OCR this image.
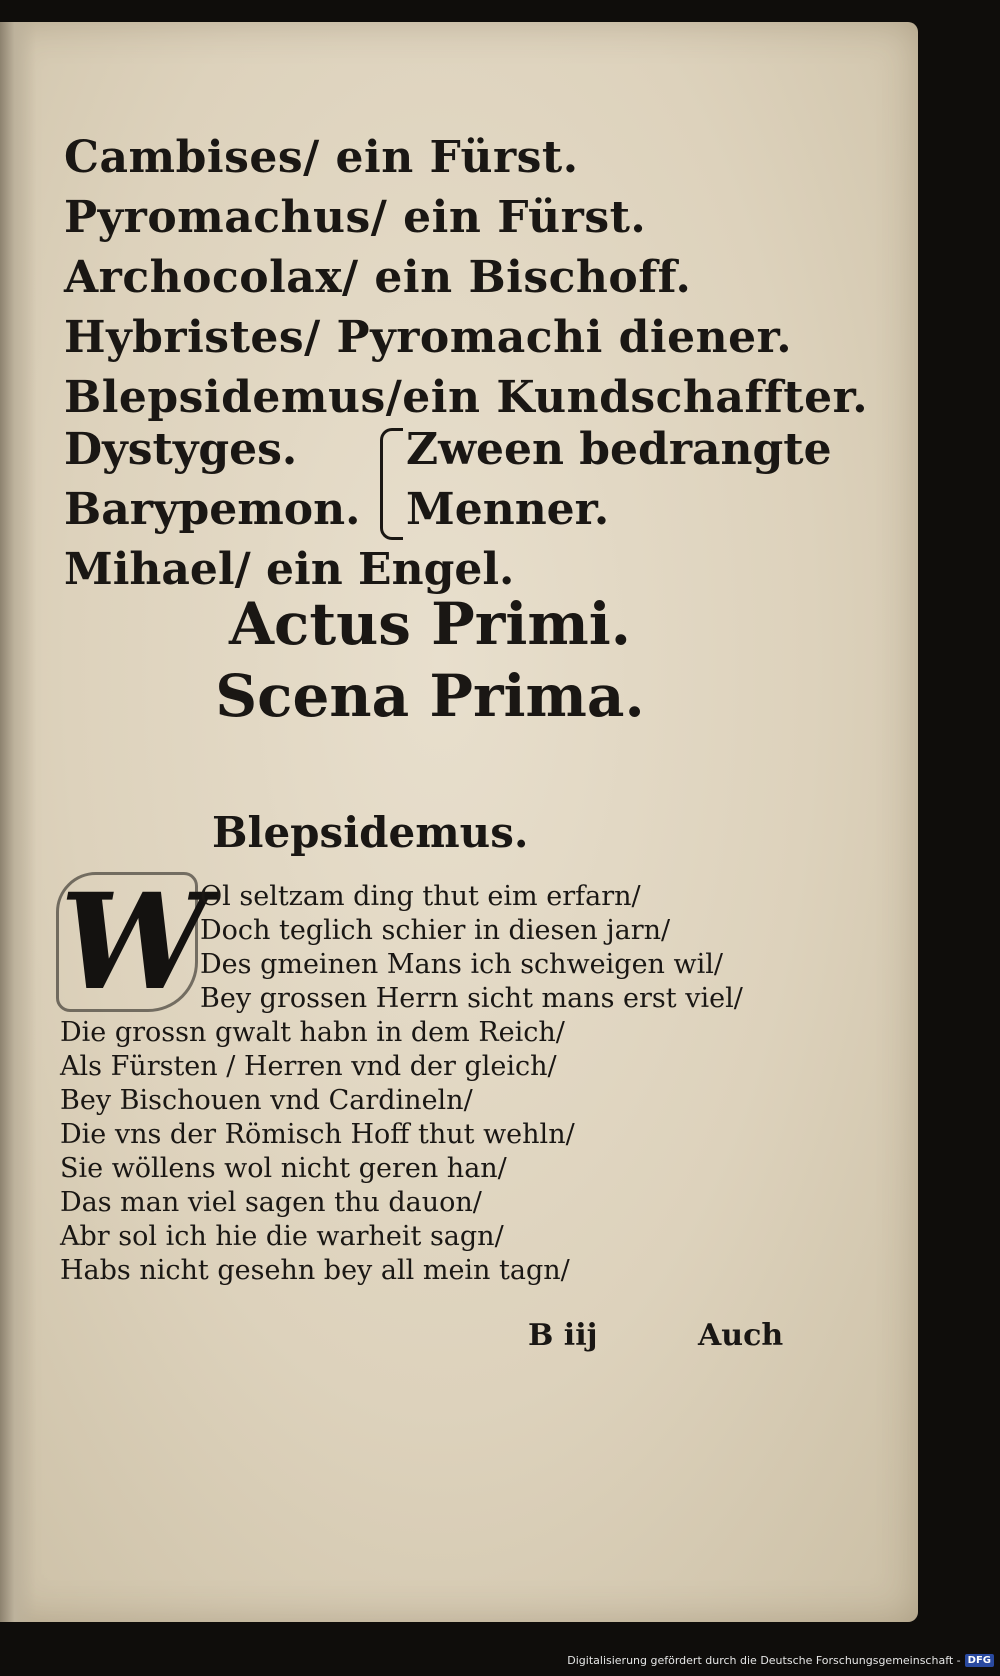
Cambises/ ein Fürst.
Pyromachus/ ein Fürst.
Archocolax/ ein Bischoff.
Hybristes/ Pyromachi diener.
Blepsidemus/ein Kundschaffter.
Dystyges.
Barypemon.
Zween bedrangte
Menner.
Mihael/ ein Engel.
Actus Primi.
Scena Prima.
Blepsidemus.
W
Ol seltzam ding thut eim erfarn/
Doch teglich schier in diesen jarn/
Des gmeinen Mans ich schweigen wil/
Bey grossen Herrn sicht mans erst viel/
Die grossn gwalt habn in dem Reich/
Als Fürsten / Herren vnd der gleich/
Bey Bischouen vnd Cardineln/
Die vns der Römisch Hoff thut wehln/
Sie wöllens wol nicht geren han/
Das man viel sagen thu dauon/
Abr sol ich hie die warheit sagn/
Habs nicht gesehn bey all mein tagn/
B iij	Auch
Digitalisierung gefördert durch die Deutsche Forschungsgemeinschaft - DFG
